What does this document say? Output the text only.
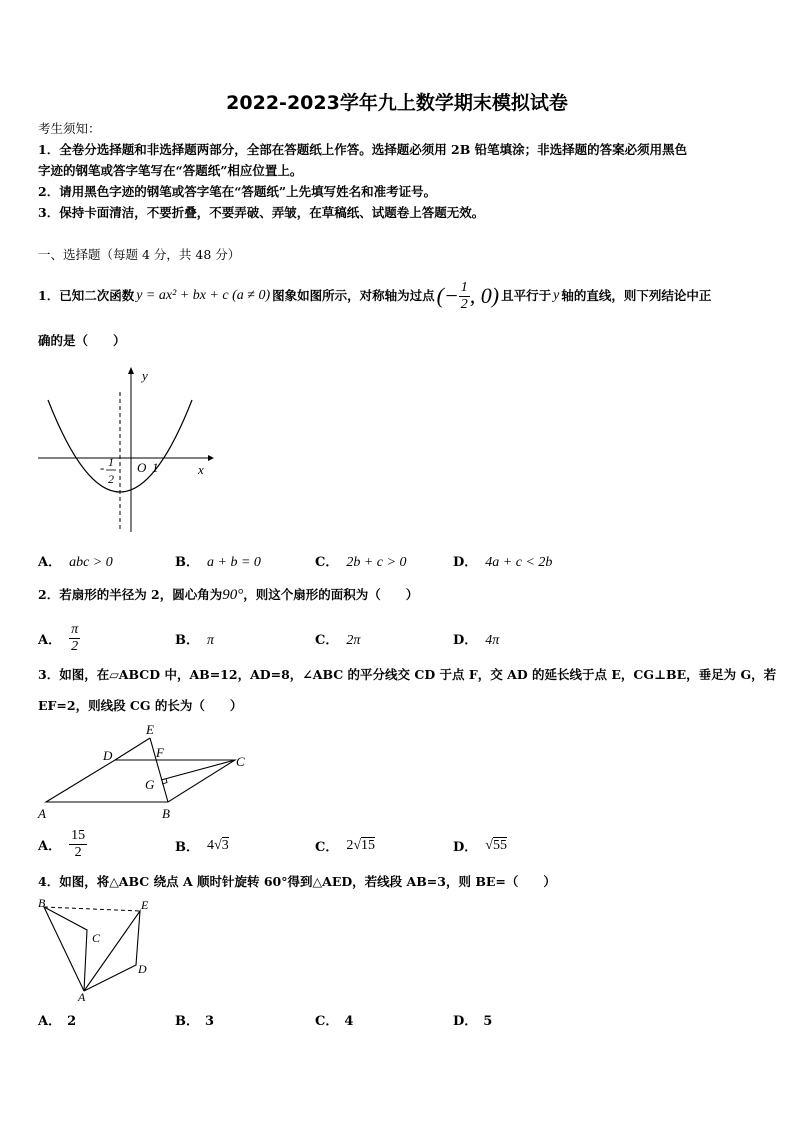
2022-2023学年九上数学期末模拟试卷
考生须知：
1．全卷分选择题和非选择题两部分，全部在答题纸上作答。选择题必须用 2B 铅笔填涂；非选择题的答案必须用黑色
字迹的钢笔或答字笔写在“答题纸”相应位置上。
2．请用黑色字迹的钢笔或答字笔在“答题纸”上先填写姓名和准考证号。
3．保持卡面清洁，不要折叠，不要弄破、弄皱，在草稿纸、试题卷上答题无效。
一、选择题（每题 4 分，共 48 分）
1．已知二次函数 y = ax² + bx + c (a ≠ 0) 图象如图所示，对称轴为过点 (− $\frac{1}{2}$ , 0) 且平行于 y 轴的直线，则下列结论中正
确的是（　　）
y
x
O 1
- 1
2
A． abc > 0	B． a + b = 0	C． 2b + c > 0	D． 4a + c < 2b
2．若扇形的半径为 2，圆心角为90°，则这个扇形的面积为（　　）
A． $\frac{\pi}{2}$	B． π	C． 2π	D． 4π
3．如图，在▱ABCD 中，AB=12，AD=8，∠ABC 的平分线交 CD 于点 F，交 AD 的延长线于点 E，CG⊥BE，垂足为 G，若
EF=2，则线段 CG 的长为（　　）
A	B
C
D
E
F
G
A． $\frac{15}{2}$	B． 4 √ 3	C． 2 √ 15	D． √ 55
4．如图，将△ABC 绕点 A 顺时针旋转 60°得到△AED，若线段 AB=3，则 BE=（　　）
B	E
C
D
A
A． 2	B． 3	C． 4	D． 5
